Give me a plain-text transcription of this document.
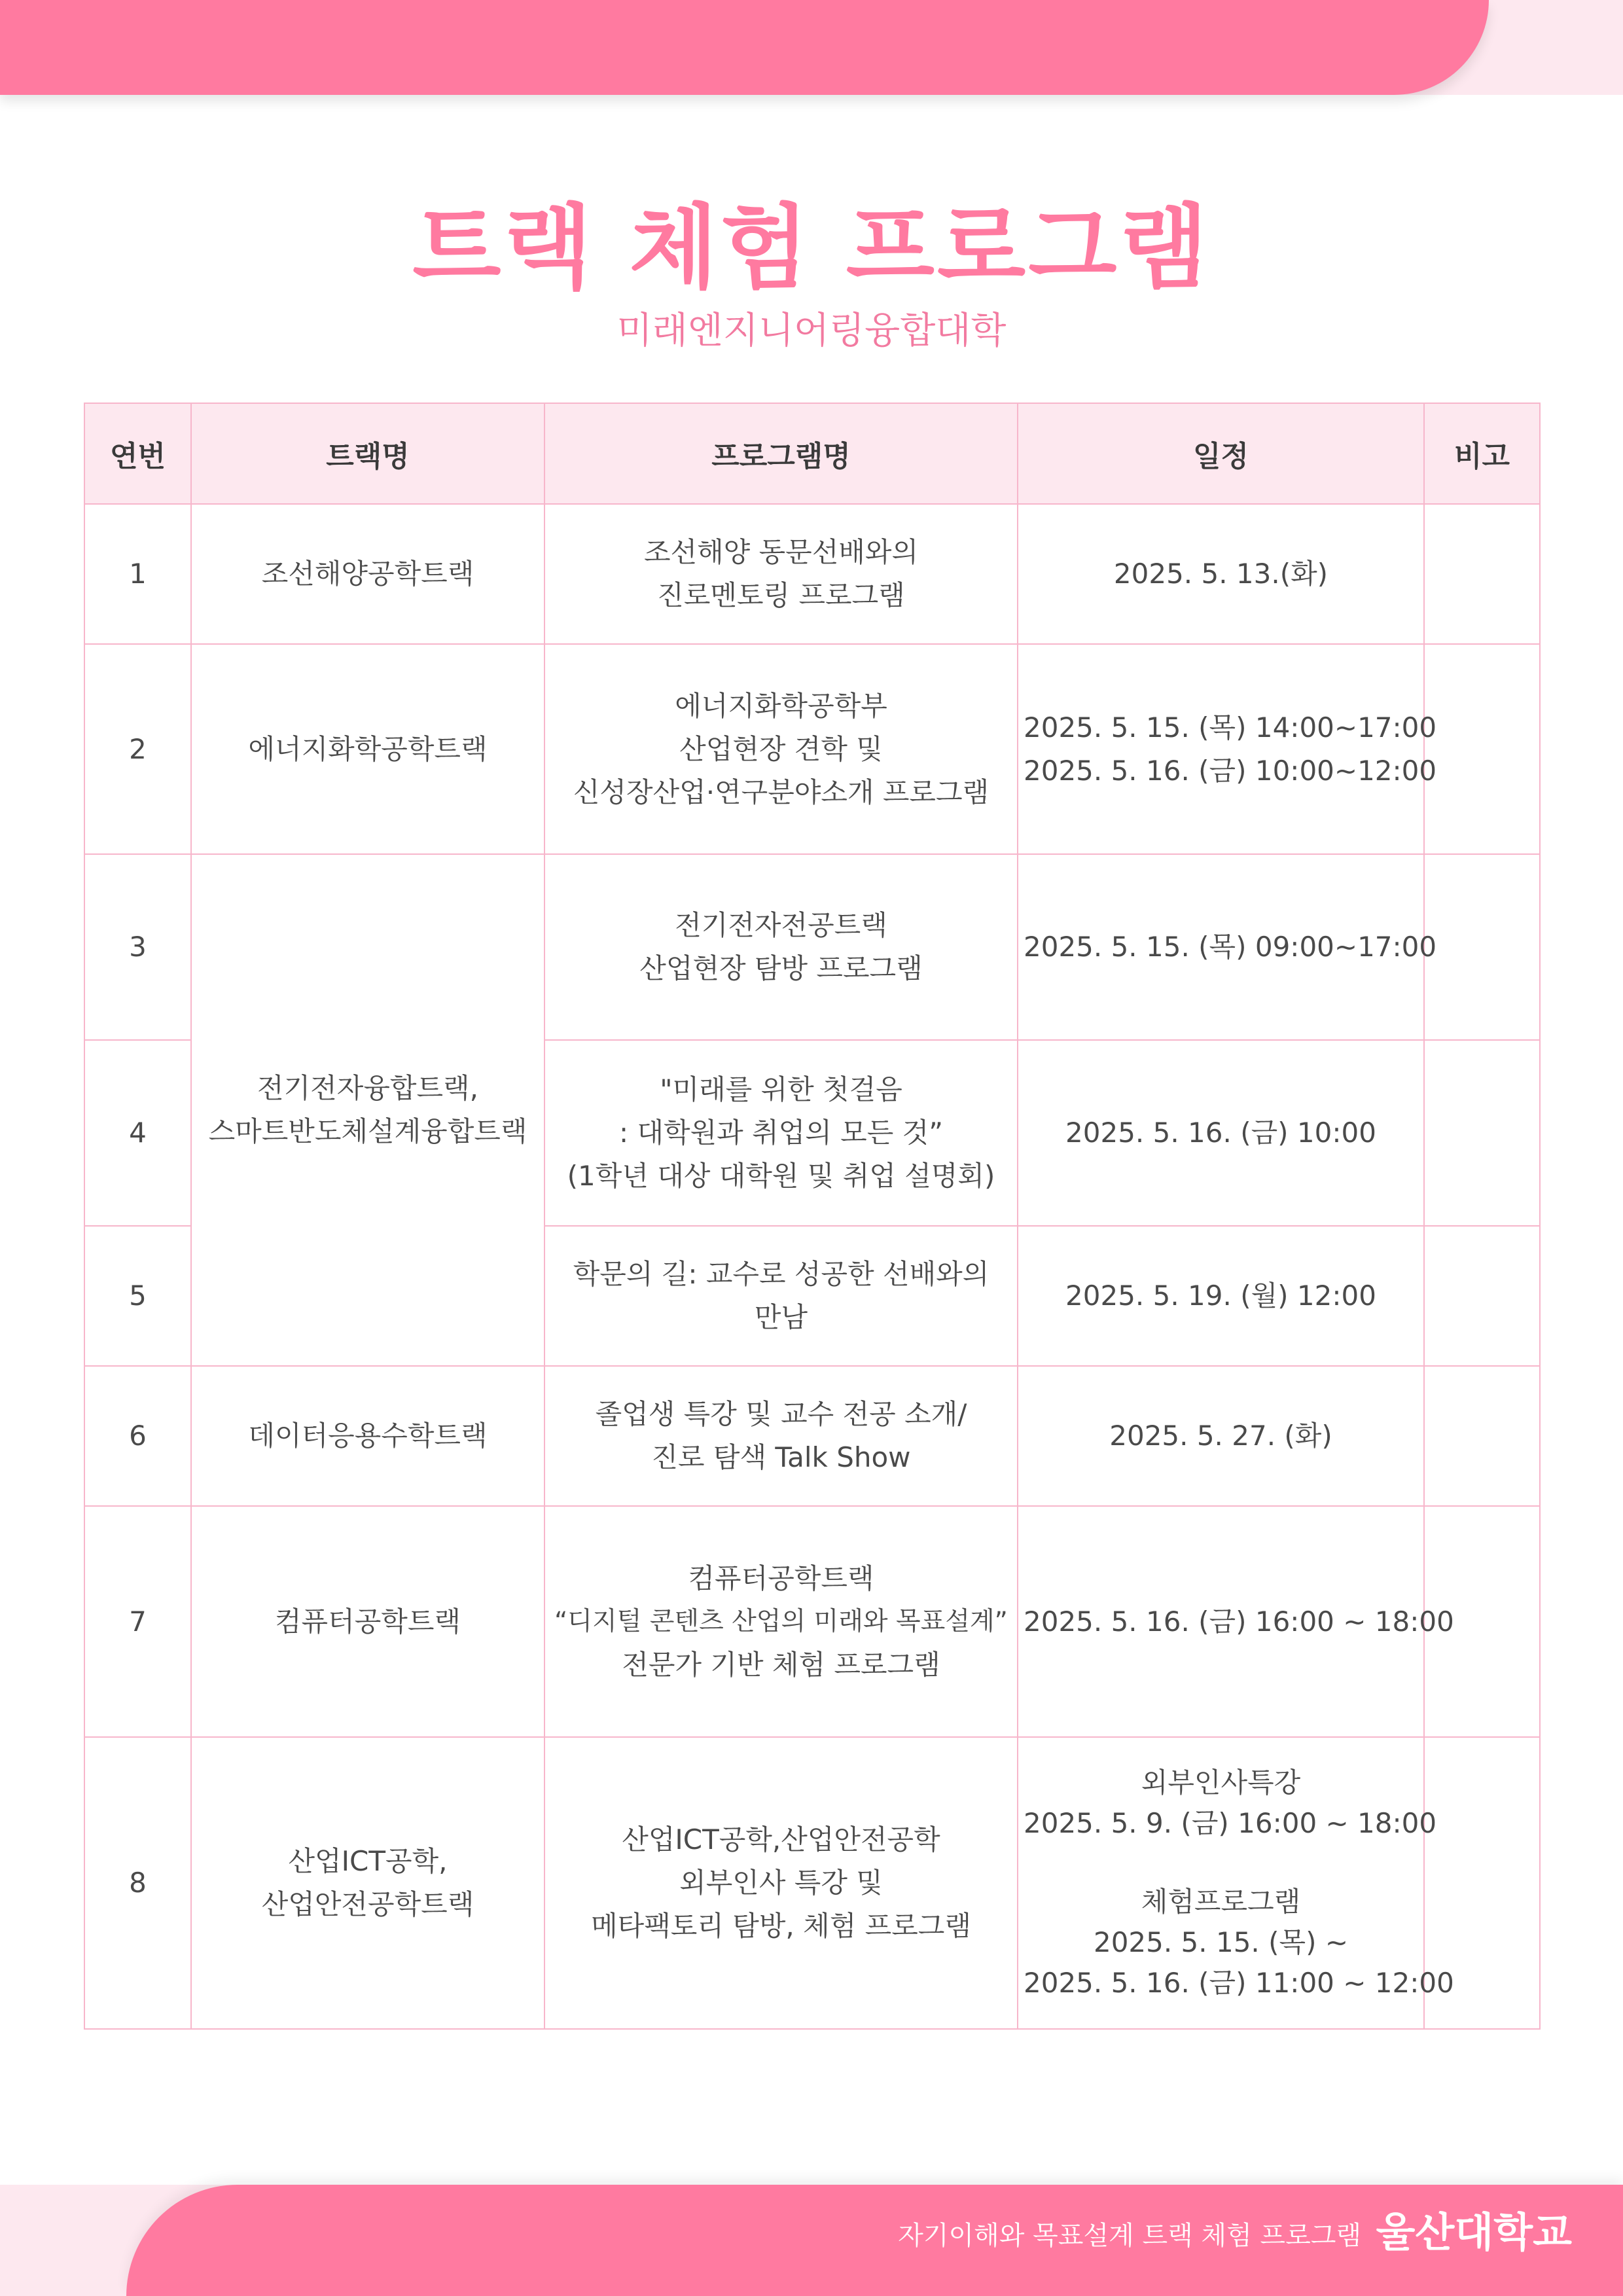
트랙 체험 프로그램
미래엔지니어링융합대학
연번	트랙명	프로그램명	일정	비고
1	조선해양공학트랙	조선해양 동문선배와의
진로멘토링 프로그램	2025. 5. 13.(화)	

2	에너지화학공학트랙	에너지화학공학부
산업현장 견학 및
신성장산업·연구분야소개 프로그램	2025. 5. 15. (목) 14:00~17:00
2025. 5. 16. (금) 10:00~12:00	

3	전기전자융합트랙,
스마트반도체설계융합트랙	전기전자전공트랙
산업현장 탐방 프로그램	2025. 5. 15. (목) 09:00~17:00	

4		"미래를 위한 첫걸음
: 대학원과 취업의 모든 것”
(1학년 대상 대학원 및 취업 설명회)	2025. 5. 16. (금) 10:00	

5		학문의 길: 교수로 성공한 선배와의
만남	2025. 5. 19. (월) 12:00	

6	데이터응용수학트랙	졸업생 특강 및 교수 전공 소개/
진로 탐색 Talk Show	2025. 5. 27. (화)	

7	컴퓨터공학트랙	컴퓨터공학트랙
“디지털 콘텐츠 산업의 미래와 목표설계”
전문가 기반 체험 프로그램	2025. 5. 16. (금) 16:00 ~ 18:00	

8	산업ICT공학,
산업안전공학트랙	산업ICT공학,산업안전공학
외부인사 특강 및
메타팩토리 탐방, 체험 프로그램	외부인사특강
2025. 5. 9. (금) 16:00 ~ 18:00
체험프로그램
2025. 5. 15. (목) ~
2025. 5. 16. (금) 11:00 ~ 12:00	

자기이해와 목표설계 트랙 체험 프로그램 울산대학교
